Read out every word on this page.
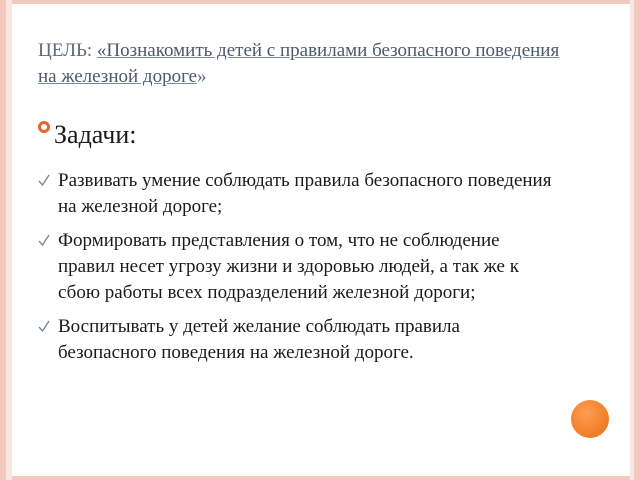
ЦЕЛЬ: «Познакомить детей с правилами безопасного поведения на железной дороге»
Задачи:
Развивать умение соблюдать правила безопасного поведения на железной дороге;
Формировать представления о том, что не соблюдение правил несет угрозу жизни и здоровью людей, а так же к сбою работы всех подразделений железной дороги;
Воспитывать у детей желание соблюдать правила безопасного поведения на железной дороге.
